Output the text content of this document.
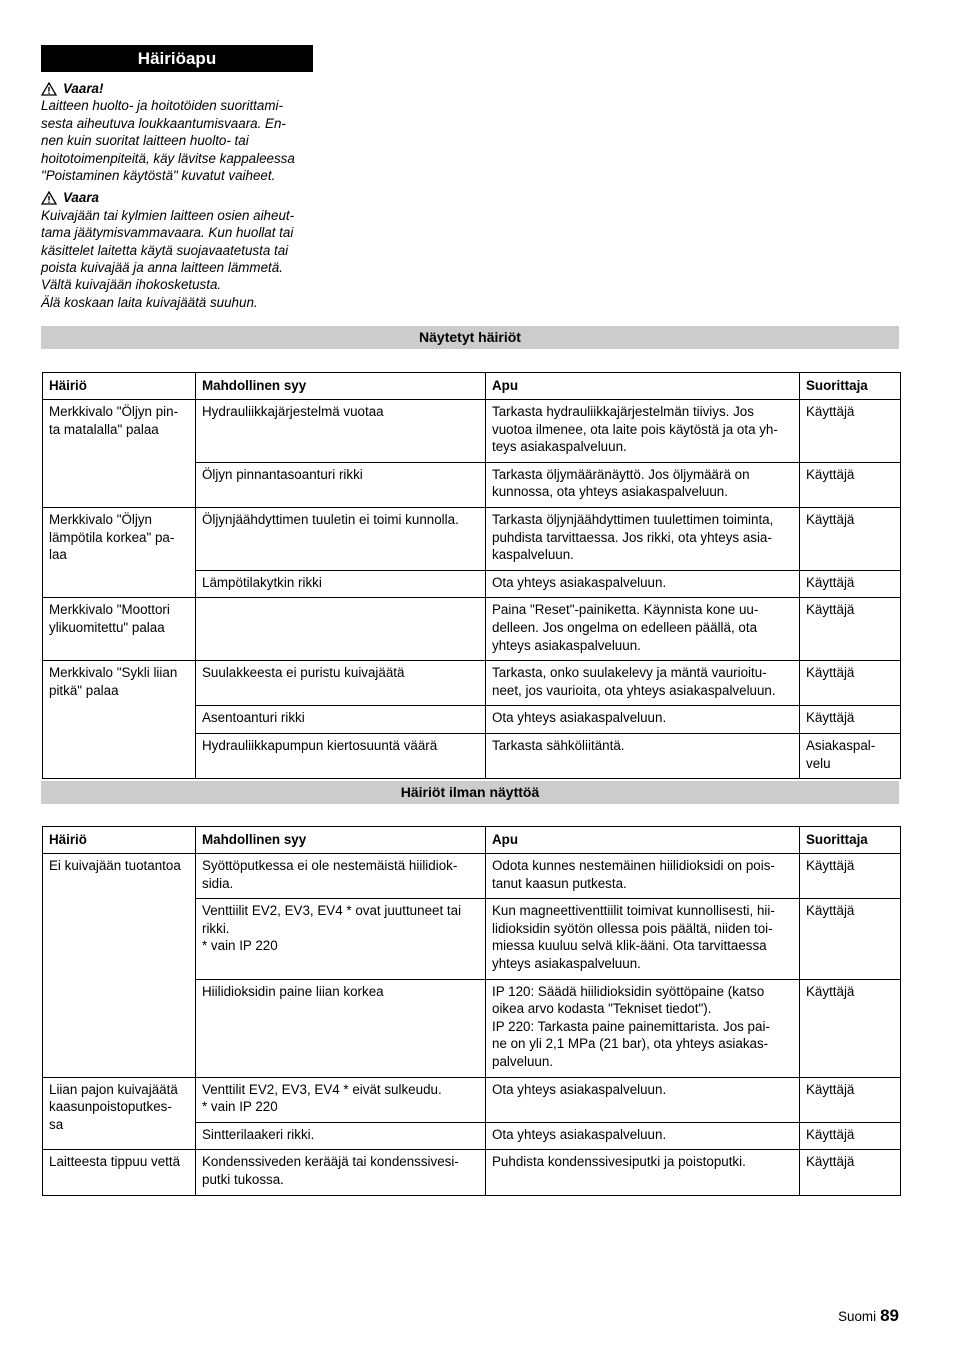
Häiriöapu
Vaara!
Laitteen huolto- ja hoitotöiden suorittami-
sesta aiheutuva loukkaantumisvaara. En-
nen kuin suoritat laitteen huolto- tai
hoitotoimenpiteitä, käy lävitse kappaleessa
"Poistaminen käytöstä" kuvatut vaiheet.
Vaara
Kuivajään tai kylmien laitteen osien aiheut-
tama jäätymisvammavaara. Kun huollat tai
käsittelet laitetta käytä suojavaatetusta tai
poista kuivajää ja anna laitteen lämmetä.
Vältä kuivajään ihokosketusta.
Älä koskaan laita kuivajäätä suuhun.
Näytetyt häiriöt
Häiriö	Mahdollinen syy	Apu	Suorittaja

Merkkivalo "Öljyn pin-
ta matalalla" palaa	Hydrauliikkajärjestelmä vuotaa	Tarkasta hydrauliikkajärjestelmän tiiviys. Jos
vuotoa ilmenee, ota laite pois käytöstä ja ota yh-
teys asiakaspalveluun.	Käyttäjä

	Öljyn pinnantasoanturi rikki	Tarkasta öljymääränäyttö. Jos öljymäärä on
kunnossa, ota yhteys asiakaspalveluun.	Käyttäjä

Merkkivalo "Öljyn
lämpötila korkea" pa-
laa	Öljynjäähdyttimen tuuletin ei toimi kunnolla.	Tarkasta öljynjäähdyttimen tuulettimen toiminta,
puhdista tarvittaessa. Jos rikki, ota yhteys asia-
kaspalveluun.	Käyttäjä

	Lämpötilakytkin rikki	Ota yhteys asiakaspalveluun.	Käyttäjä

Merkkivalo "Moottori
ylikuomitettu" palaa		Paina "Reset"-painiketta. Käynnista kone uu-
delleen. Jos ongelma on edelleen päällä, ota
yhteys asiakaspalveluun.	Käyttäjä

Merkkivalo "Sykli liian
pitkä" palaa	Suulakkeesta ei puristu kuivajäätä	Tarkasta, onko suulakelevy ja mäntä vaurioitu-
neet, jos vaurioita, ota yhteys asiakaspalveluun.	Käyttäjä

	Asentoanturi rikki	Ota yhteys asiakaspalveluun.	Käyttäjä

	Hydrauliikkapumpun kiertosuuntä väärä	Tarkasta sähköliitäntä.	Asiakaspal-
velu
Häiriöt ilman näyttöä
Häiriö	Mahdollinen syy	Apu	Suorittaja

Ei kuivajään tuotantoa	Syöttöputkessa ei ole nestemäistä hiilidiok-
sidia.	Odota kunnes nestemäinen hiilidioksidi on pois-
tanut kaasun putkesta.	Käyttäjä

	Venttiilit EV2, EV3, EV4 * ovat juuttuneet tai
rikki.
* vain IP 220	Kun magneettiventtiilit toimivat kunnollisesti, hii-
lidioksidin syötön ollessa pois päältä, niiden toi-
miessa kuuluu selvä klik-ääni. Ota tarvittaessa
yhteys asiakaspalveluun.	Käyttäjä

	Hiilidioksidin paine liian korkea	IP 120: Säädä hiilidioksidin syöttöpaine (katso
oikea arvo kodasta "Tekniset tiedot").
IP 220: Tarkasta paine painemittarista. Jos pai-
ne on yli 2,1 MPa (21 bar), ota yhteys asiakas-
palveluun.	Käyttäjä

Liian pajon kuivajäätä
kaasunpoistoputkes-
sa	Venttilit EV2, EV3, EV4 * eivät sulkeudu.
* vain IP 220	Ota yhteys asiakaspalveluun.	Käyttäjä

	Sintterilaakeri rikki.	Ota yhteys asiakaspalveluun.	Käyttäjä

Laitteesta tippuu vettä	Kondenssiveden kerääjä tai kondenssivesi-
putki tukossa.	Puhdista kondenssivesiputki ja poistoputki.	Käyttäjä
Suomi 89
